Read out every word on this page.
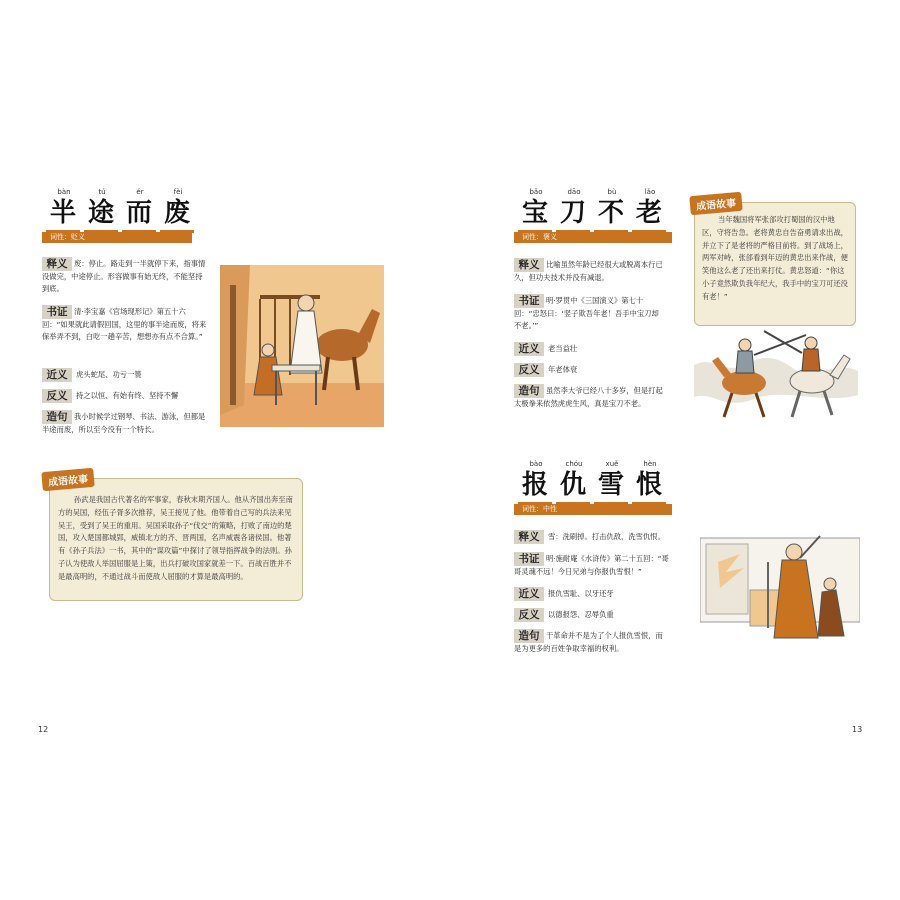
bàn	tú	ér	fèi
半 途 而 废
词性：贬义
释义 废：停止。路走到一半就停下来，指事情没做完，中途停止。形容做事有始无终，不能坚持到底。
书证 清·李宝嘉《官场现形记》第五十六回：“如果就此请假回国，这里的事半途而废，将来保举弄不到，白吃一趟辛苦，想想亦有点不合算。”
近义	虎头蛇尾、功亏一篑
反义	持之以恒、有始有终、坚持不懈
造句 我小时候学过钢琴、书法、游泳，但都是半途而废，所以至今没有一个特长。
成语故事
孙武是我国古代著名的军事家，春秋末期齐国人。他从齐国出奔至南方的吴国，经伍子胥多次推荐，吴王接见了他。他带着自己写的兵法来见吴王，受到了吴王的重用。吴国采取孙子“伐交”的策略，打败了南边的楚国，攻入楚国都城郢，威镇北方的齐、晋两国，名声威震各诸侯国。他著有《孙子兵法》一书，其中的“谋攻篇”中探讨了领导指挥战争的法则。孙子认为使敌人举国屈服是上策，出兵打破攻国家就差一下。百战百胜并不是最高明的，不通过战斗而使敌人屈服的才算是最高明的。
12
bǎo	dāo	bù	lǎo
宝 刀 不 老
词性：褒义
释义 比喻虽然年龄已经很大或脱离本行已久，但功夫技术并没有减退。
书证 明·罗贯中《三国演义》第七十回：“忠怒曰：‘竖子欺吾年老！吾手中宝刀却不老。’”
近义	老当益壮
反义	年老体衰
造句 虽然李大爷已经八十多岁，但是打起太极拳来依然虎虎生风，真是宝刀不老。
成语故事
当年魏国将军张郃攻打蜀国的汉中地区，守将告急。老将黄忠自告奋勇请求出战，并立下了是老将的严格目前将。到了战场上，两军对峙，张郃看到年迈的黄忠出来作战，便笑他这么老了还出来打仗。黄忠怒道：“你这小子竟然欺负我年纪大，我手中的宝刀可还没有老！”
bào	chóu	xuě	hèn
报 仇 雪 恨
词性：中性
释义	雪：洗刷掉。打击仇敌，洗雪仇恨。
书证 明·施耐庵《水浒传》第二十五回：“哥哥灵魂不远！今日兄弟与你报仇雪恨！”
近义	报仇雪耻、以牙还牙
反义	以德报怨、忍辱负重
造句 干革命并不是为了个人报仇雪恨，而是为更多的百姓争取幸福的权利。
13
